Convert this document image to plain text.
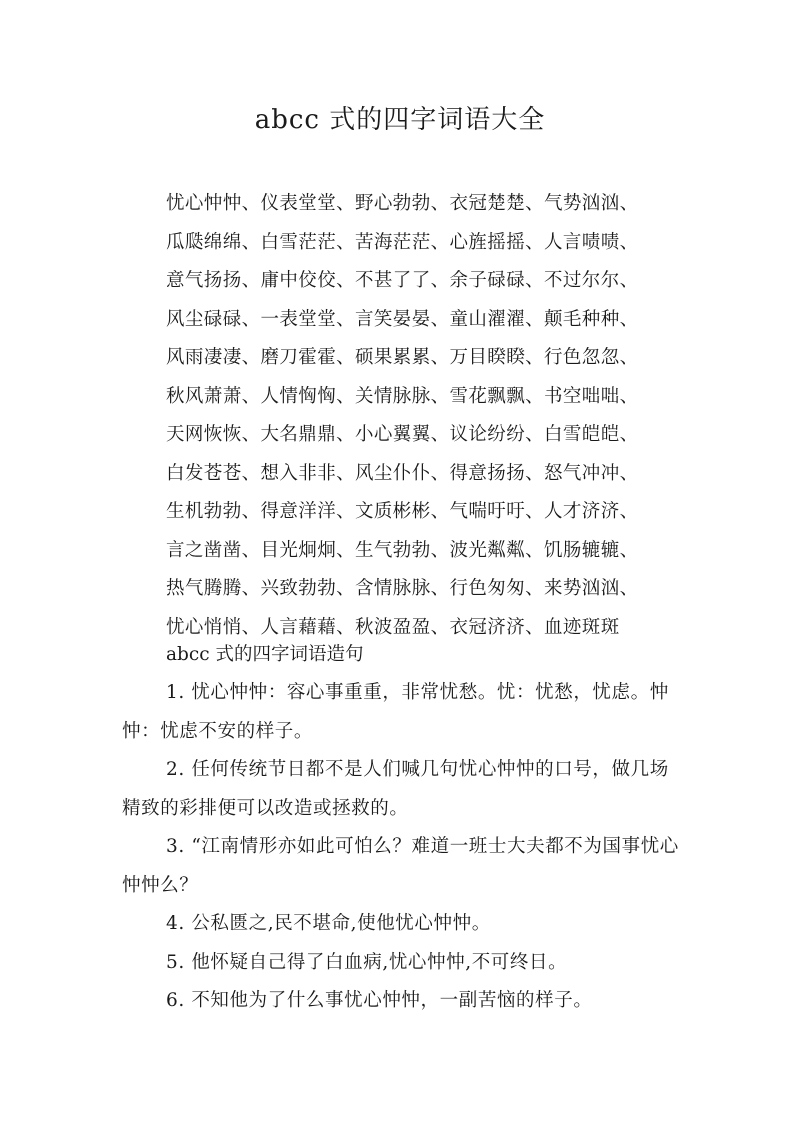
abcc 式的四字词语大全
忧心忡忡、仪表堂堂、野心勃勃、衣冠楚楚、气势汹汹、
瓜瓞绵绵、白雪茫茫、苦海茫茫、心旌摇摇、人言啧啧、
意气扬扬、庸中佼佼、不甚了了、余子碌碌、不过尔尔、
风尘碌碌、一表堂堂、言笑晏晏、童山濯濯、颠毛种种、
风雨凄凄、磨刀霍霍、硕果累累、万目睽睽、行色忽忽、
秋风萧萧、人情恟恟、关情脉脉、雪花飘飘、书空咄咄、
天网恢恢、大名鼎鼎、小心翼翼、议论纷纷、白雪皑皑、
白发苍苍、想入非非、风尘仆仆、得意扬扬、怒气冲冲、
生机勃勃、得意洋洋、文质彬彬、气喘吁吁、人才济济、
言之凿凿、目光炯炯、生气勃勃、波光粼粼、饥肠辘辘、
热气腾腾、兴致勃勃、含情脉脉、行色匆匆、来势汹汹、
忧心悄悄、人言藉藉、秋波盈盈、衣冠济济、血迹斑斑

abcc 式的四字词语造句

1. 忧心忡忡：容心事重重，非常忧愁。忧：忧愁，忧虑。忡忡：忧虑不安的样子。

2. 任何传统节日都不是人们喊几句忧心忡忡的口号，做几场精致的彩排便可以改造或拯救的。

3. “江南情形亦如此可怕么？难道一班士大夫都不为国事忧心忡忡么？

4. 公私匮之,民不堪命,使他忧心忡忡。

5. 他怀疑自己得了白血病,忧心忡忡,不可终日。

6. 不知他为了什么事忧心忡忡，一副苦恼的样子。
